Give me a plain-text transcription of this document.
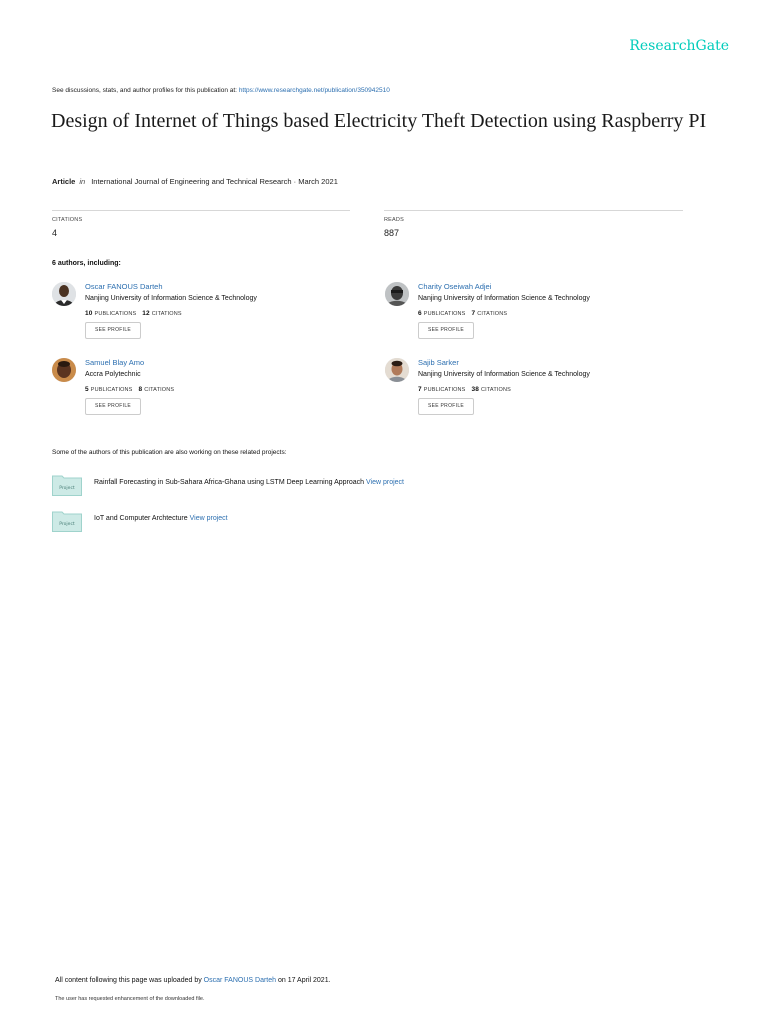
ResearchGate
See discussions, stats, and author profiles for this publication at: https://www.researchgate.net/publication/350942510
Design of Internet of Things based Electricity Theft Detection using Raspberry PI
Article in International Journal of Engineering and Technical Research · March 2021
CITATIONS
4
READS
887
6 authors, including:
Oscar FANOUS Darteh
Nanjing University of Information Science & Technology
10 PUBLICATIONS 12 CITATIONS
SEE PROFILE
Charity Oseiwah Adjei
Nanjing University of Information Science & Technology
6 PUBLICATIONS 7 CITATIONS
SEE PROFILE
Samuel Blay Amo
Accra Polytechnic
5 PUBLICATIONS 8 CITATIONS
SEE PROFILE
Sajib Sarker
Nanjing University of Information Science & Technology
7 PUBLICATIONS 38 CITATIONS
SEE PROFILE
Some of the authors of this publication are also working on these related projects:
Project
Rainfall Forecasting in Sub-Sahara Africa-Ghana using LSTM Deep Learning Approach View project
Project
IoT and Computer Archtecture View project
All content following this page was uploaded by Oscar FANOUS Darteh on 17 April 2021.
The user has requested enhancement of the downloaded file.
